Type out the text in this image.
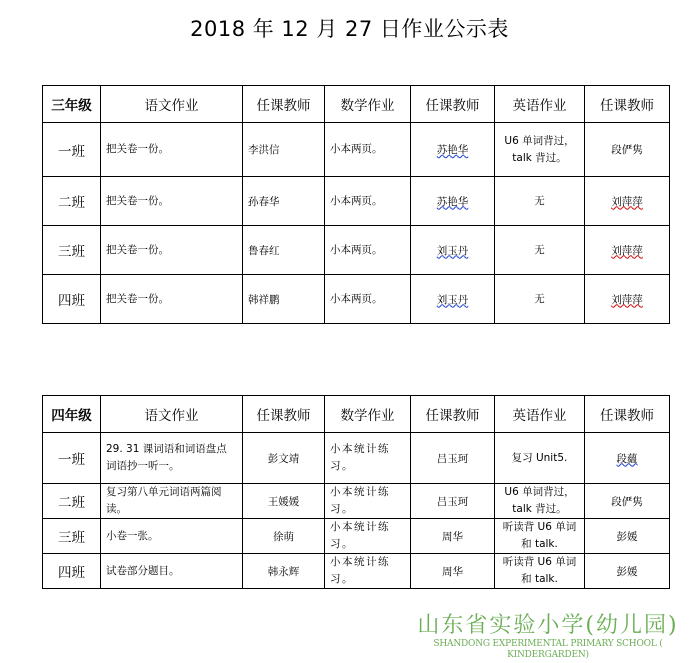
2018 年 12 月 27 日作业公示表
三年级	语文作业	任课教师	数学作业	任课教师	英语作业	任课教师
一班	把关卷一份。	李洪信	小本两页。	苏艳华	U6 单词背过，talk 背过。	段俨隽
二班	把关卷一份。	孙春华	小本两页。	苏艳华	无	刘萍萍
三班	把关卷一份。	鲁春红	小本两页。	刘玉丹	无	刘萍萍
四班	把关卷一份。	韩祥鹏	小本两页。	刘玉丹	无	刘萍萍
四年级	语文作业	任课教师	数学作业	任课教师	英语作业	任课教师
一班	29. 31 课词语和词语盘点词语抄一听一。	彭文靖	小本统计练习。	吕玉珂	复习 Unit5.	段蘊
二班	复习第八单元词语两篇阅读。	王媛媛	小本统计练习。	吕玉珂	U6 单词背过，talk 背过。	段俨隽
三班	小卷一张。	徐萌	小本统计练习。	周华	听读背 U6 单词和 talk.	彭媛
四班	试卷部分题目。	韩永辉	小本统计练习。	周华	听读背 U6 单词和 talk.	彭媛
山东省实验小学(幼儿园)
SHANDONG EXPERIMENTAL PRIMARY SCHOOL ( KINDERGARDEN)
